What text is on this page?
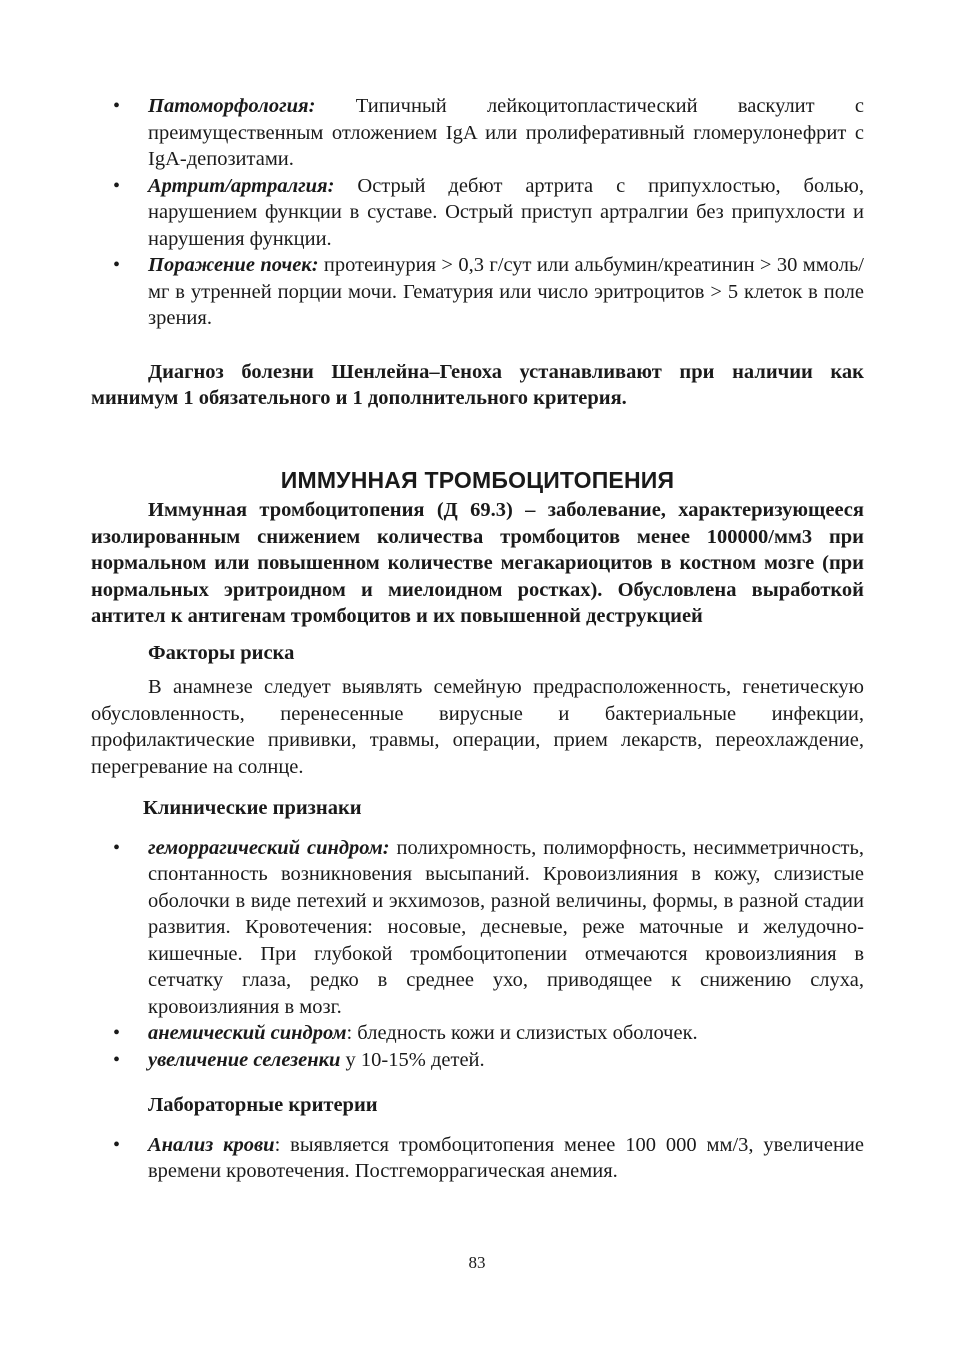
• Патоморфология: Типичный лейкоцитопластический васкулит с преимущественным отложением IgA или пролиферативный гломерулонефрит с IgA-депозитами.
• Артрит/артралгия: Острый дебют артрита с припухлостью, болью, нарушением функции в суставе. Острый приступ артралгии без припухлости и нарушения функции.
• Поражение почек: протеинурия > 0,3 г/сут или альбумин/креатинин > 30 ммоль/мг в утренней порции мочи. Гематурия или число эритроцитов > 5 клеток в поле зрения.

Диагноз болезни Шенлейна–Геноха устанавливают при наличии как минимум 1 обязательного и 1 дополнительного критерия.

ИММУННАЯ ТРОМБОЦИТОПЕНИЯ

Иммунная тромбоцитопения (Д 69.3) – заболевание, характеризующееся изолированным снижением количества тромбоцитов менее 100000/мм3 при нормальном или повышенном количестве мегакариоцитов в костном мозге (при нормальных эритроидном и миелоидном ростках). Обусловлена выработкой антител к антигенам тромбоцитов и их повышенной деструкцией

Факторы риска

В анамнезе следует выявлять семейную предрасположенность, генетическую обусловленность, перенесенные вирусные и бактериальные инфекции, профилактические прививки, травмы, операции, прием лекарств, переохлаждение, перегревание на солнце.

Клинические признаки
• геморрагический синдром: полихромность, полиморфность, несимметричность, спонтанность возникновения высыпаний. Кровоизлияния в кожу, слизистые оболочки в виде петехий и экхимозов, разной величины, формы, в разной стадии развития. Кровотечения: носовые, десневые, реже маточные и желудочно-кишечные. При глубокой тромбоцитопении отмечаются кровоизлияния в сетчатку глаза, редко в среднее ухо, приводящее к снижению слуха, кровоизлияния в мозг.
• анемический синдром: бледность кожи и слизистых оболочек.
• увеличение селезенки у 10-15% детей.
Лабораторные критерии
• Анализ крови: выявляется тромбоцитопения менее 100 000 мм/3, увеличение времени кровотечения. Постгеморрагическая анемия.
83
